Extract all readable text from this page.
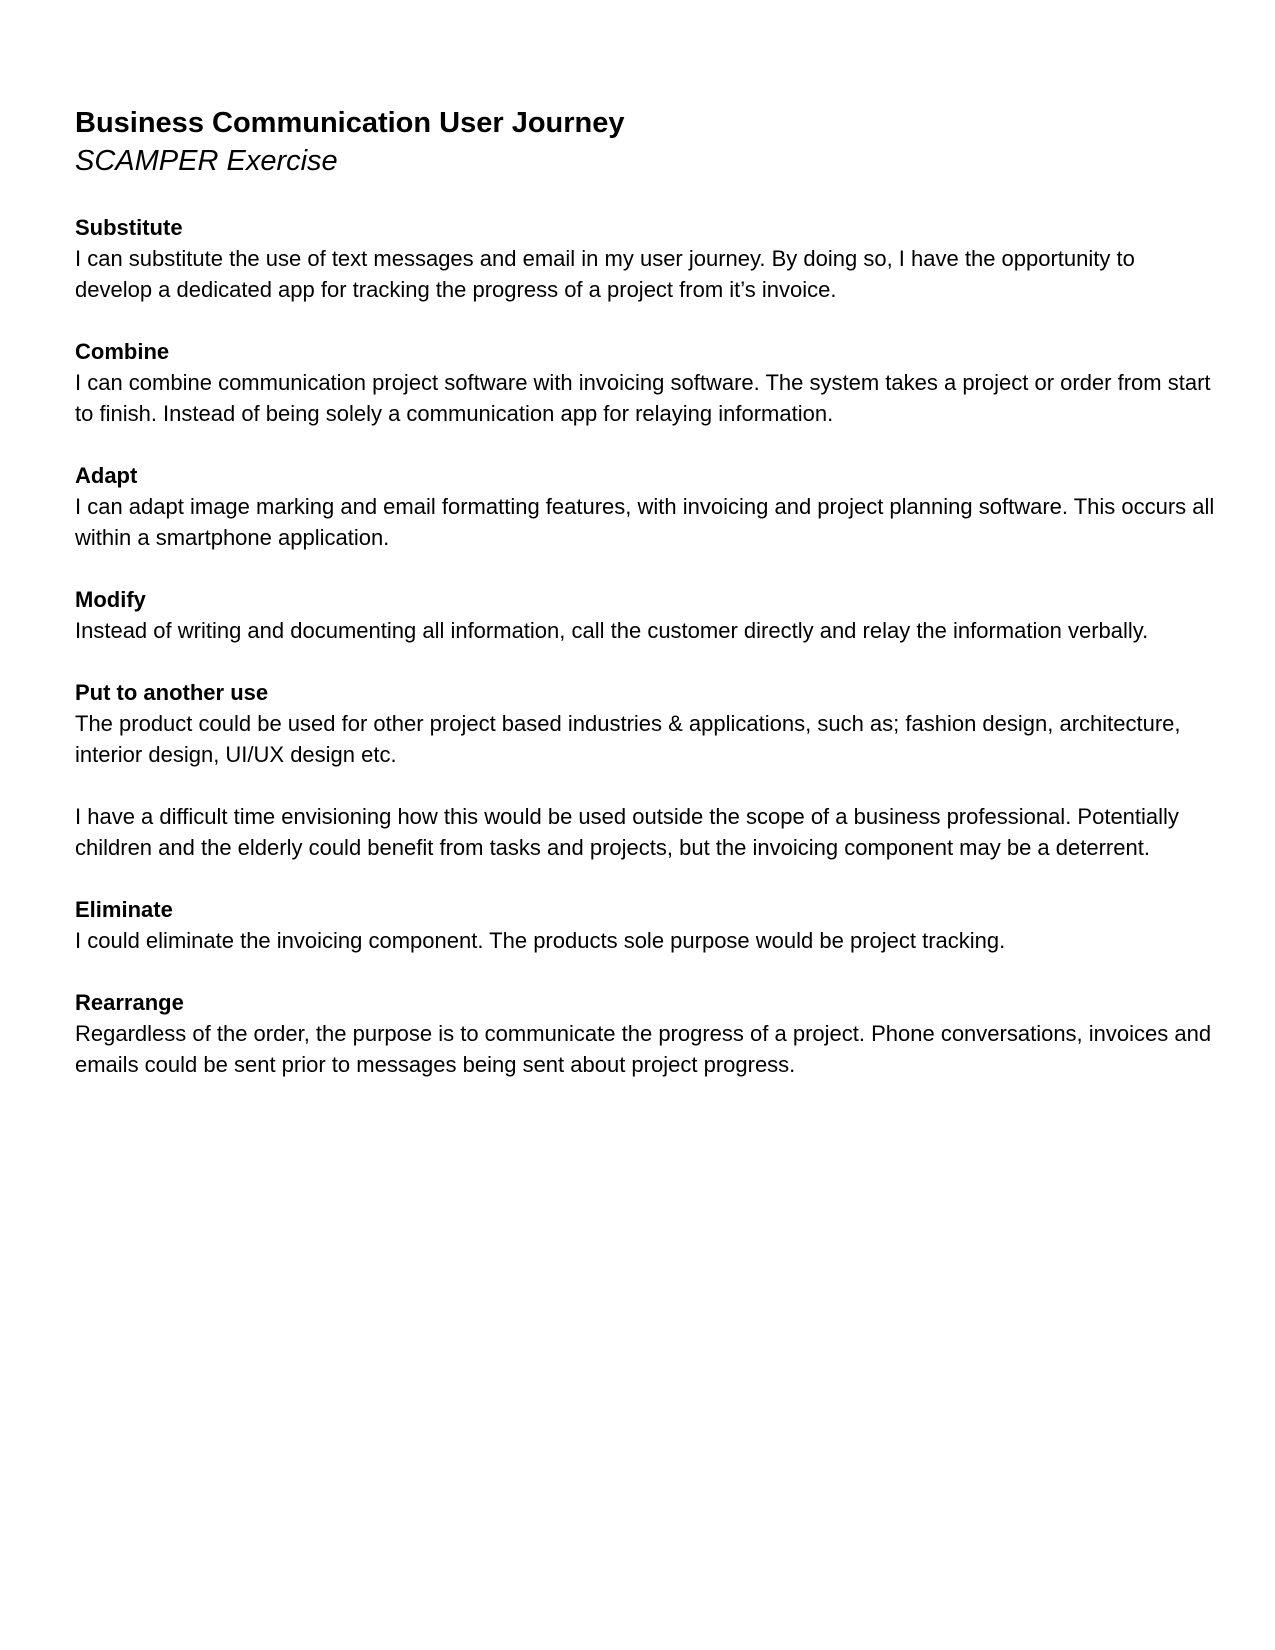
Business Communication User Journey
SCAMPER Exercise
Substitute

I can substitute the use of text messages and email in my user journey. By doing so, I have the opportunity to develop a dedicated app for tracking the progress of a project from it’s invoice.

Combine

I can combine communication project software with invoicing software. The system takes a project or order from start to finish. Instead of being solely a communication app for relaying information.

Adapt

I can adapt image marking and email formatting features, with invoicing and project planning software. This occurs all within a smartphone application.

Modify

Instead of writing and documenting all information, call the customer directly and relay the information verbally.

Put to another use

The product could be used for other project based industries & applications, such as; fashion design, architecture, interior design, UI/UX design etc.

I have a difficult time envisioning how this would be used outside the scope of a business professional. Potentially children and the elderly could benefit from tasks and projects, but the invoicing component may be a deterrent.

Eliminate

I could eliminate the invoicing component. The products sole purpose would be project tracking.

Rearrange

Regardless of the order, the purpose is to communicate the progress of a project. Phone conversations, invoices and emails could be sent prior to messages being sent about project progress.
